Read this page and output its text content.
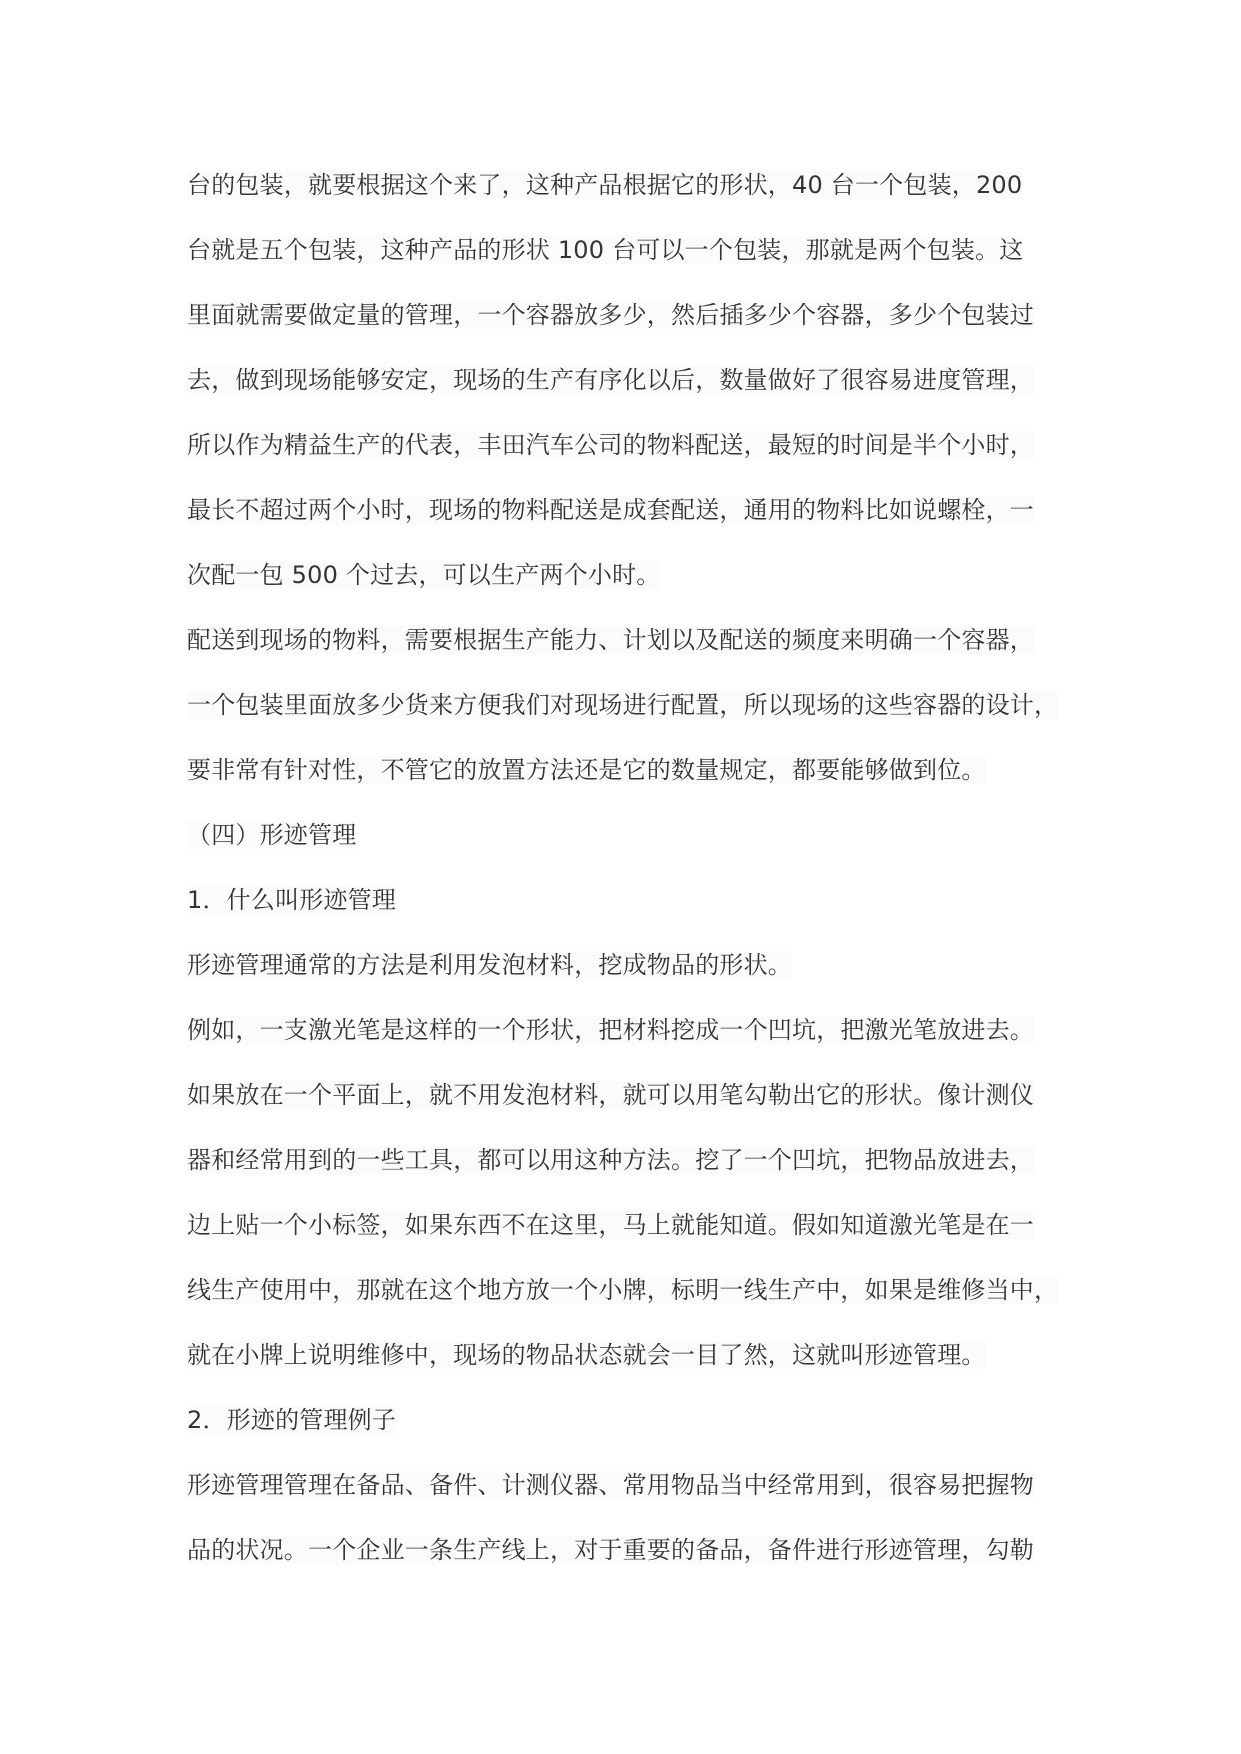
台的包装，就要根据这个来了，这种产品根据它的形状，40 台一个包装，200
台就是五个包装，这种产品的形状 100 台可以一个包装，那就是两个包装。这
里面就需要做定量的管理，一个容器放多少，然后插多少个容器，多少个包装过
去，做到现场能够安定，现场的生产有序化以后，数量做好了很容易进度管理，
所以作为精益生产的代表，丰田汽车公司的物料配送，最短的时间是半个小时，
最长不超过两个小时，现场的物料配送是成套配送，通用的物料比如说螺栓，一
次配一包 500 个过去，可以生产两个小时。
配送到现场的物料，需要根据生产能力、计划以及配送的频度来明确一个容器，
一个包装里面放多少货来方便我们对现场进行配置，所以现场的这些容器的设计，
要非常有针对性，不管它的放置方法还是它的数量规定，都要能够做到位。
（四）形迹管理
1．什么叫形迹管理
形迹管理通常的方法是利用发泡材料，挖成物品的形状。
例如，一支激光笔是这样的一个形状，把材料挖成一个凹坑，把激光笔放进去。
如果放在一个平面上，就不用发泡材料，就可以用笔勾勒出它的形状。像计测仪
器和经常用到的一些工具，都可以用这种方法。挖了一个凹坑，把物品放进去，
边上贴一个小标签，如果东西不在这里，马上就能知道。假如知道激光笔是在一
线生产使用中，那就在这个地方放一个小牌，标明一线生产中，如果是维修当中，
就在小牌上说明维修中，现场的物品状态就会一目了然，这就叫形迹管理。
2．形迹的管理例子
形迹管理管理在备品、备件、计测仪器、常用物品当中经常用到，很容易把握物
品的状况。一个企业一条生产线上，对于重要的备品，备件进行形迹管理，勾勒
